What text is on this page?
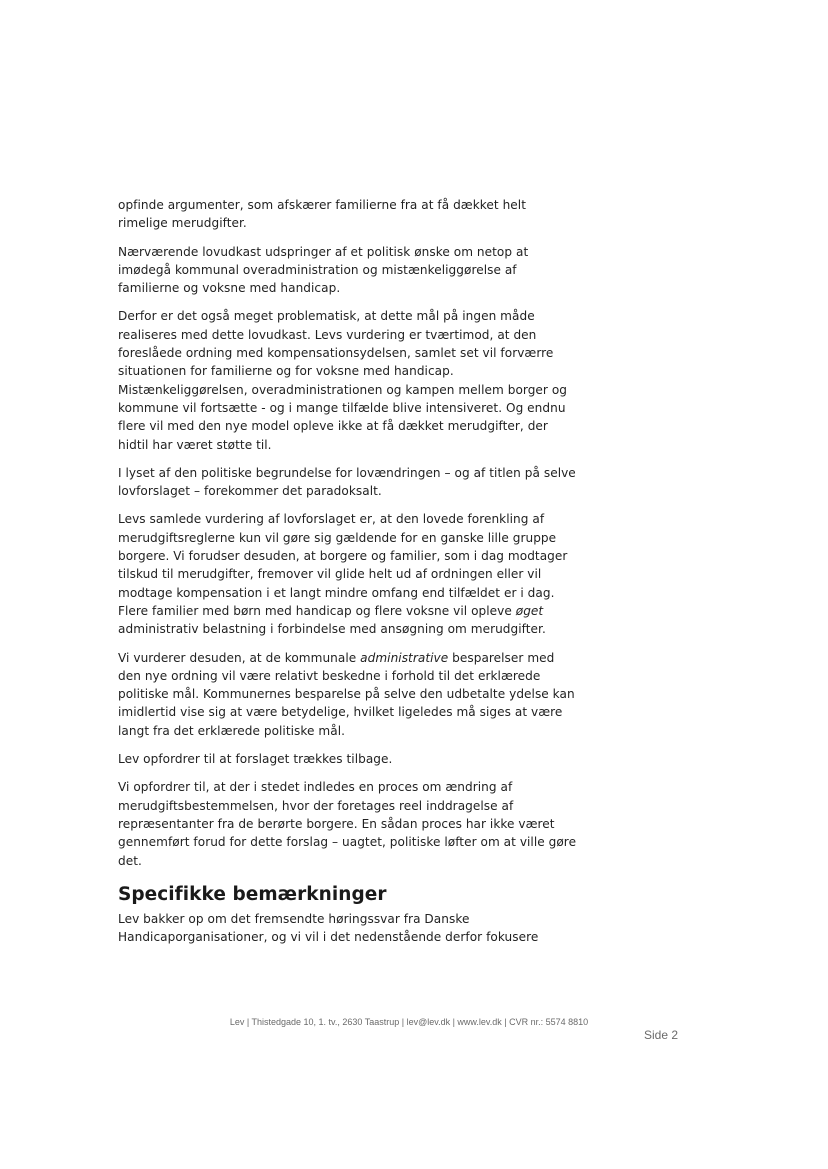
opfinde argumenter, som afskærer familierne fra at få dækket helt rimelige merudgifter.

Nærværende lovudkast udspringer af et politisk ønske om netop at imødegå kommunal overadministration og mistænkeliggørelse af familierne og voksne med handicap.

Derfor er det også meget problematisk, at dette mål på ingen måde realiseres med dette lovudkast. Levs vurdering er tværtimod, at den foreslåede ordning med kompensationsydelsen, samlet set vil forværre situationen for familierne og for voksne med handicap. Mistænkeliggørelsen, overadministrationen og kampen mellem borger og kommune vil fortsætte - og i mange tilfælde blive intensiveret. Og endnu flere vil med den nye model opleve ikke at få dækket merudgifter, der hidtil har været støtte til.

I lyset af den politiske begrundelse for lovændringen – og af titlen på selve lovforslaget – forekommer det paradoksalt.

Levs samlede vurdering af lovforslaget er, at den lovede forenkling af merudgiftsreglerne kun vil gøre sig gældende for en ganske lille gruppe borgere. Vi forudser desuden, at borgere og familier, som i dag modtager tilskud til merudgifter, fremover vil glide helt ud af ordningen eller vil modtage kompensation i et langt mindre omfang end tilfældet er i dag. Flere familier med børn med handicap og flere voksne vil opleve øget administrativ belastning i forbindelse med ansøgning om merudgifter.

Vi vurderer desuden, at de kommunale administrative besparelser med den nye ordning vil være relativt beskedne i forhold til det erklærede politiske mål. Kommunernes besparelse på selve den udbetalte ydelse kan imidlertid vise sig at være betydelige, hvilket ligeledes må siges at være langt fra det erklærede politiske mål.

Lev opfordrer til at forslaget trækkes tilbage.

Vi opfordrer til, at der i stedet indledes en proces om ændring af merudgiftsbestemmelsen, hvor der foretages reel inddragelse af repræsentanter fra de berørte borgere. En sådan proces har ikke været gennemført forud for dette forslag – uagtet, politiske løfter om at ville gøre det.

Specifikke bemærkninger

Lev bakker op om det fremsendte høringssvar fra Danske Handicaporganisationer, og vi vil i det nedenstående derfor fokusere

Lev | Thistedgade 10, 1. tv., 2630 Taastrup | lev@lev.dk | www.lev.dk | CVR nr.: 5574 8810
Side 2
